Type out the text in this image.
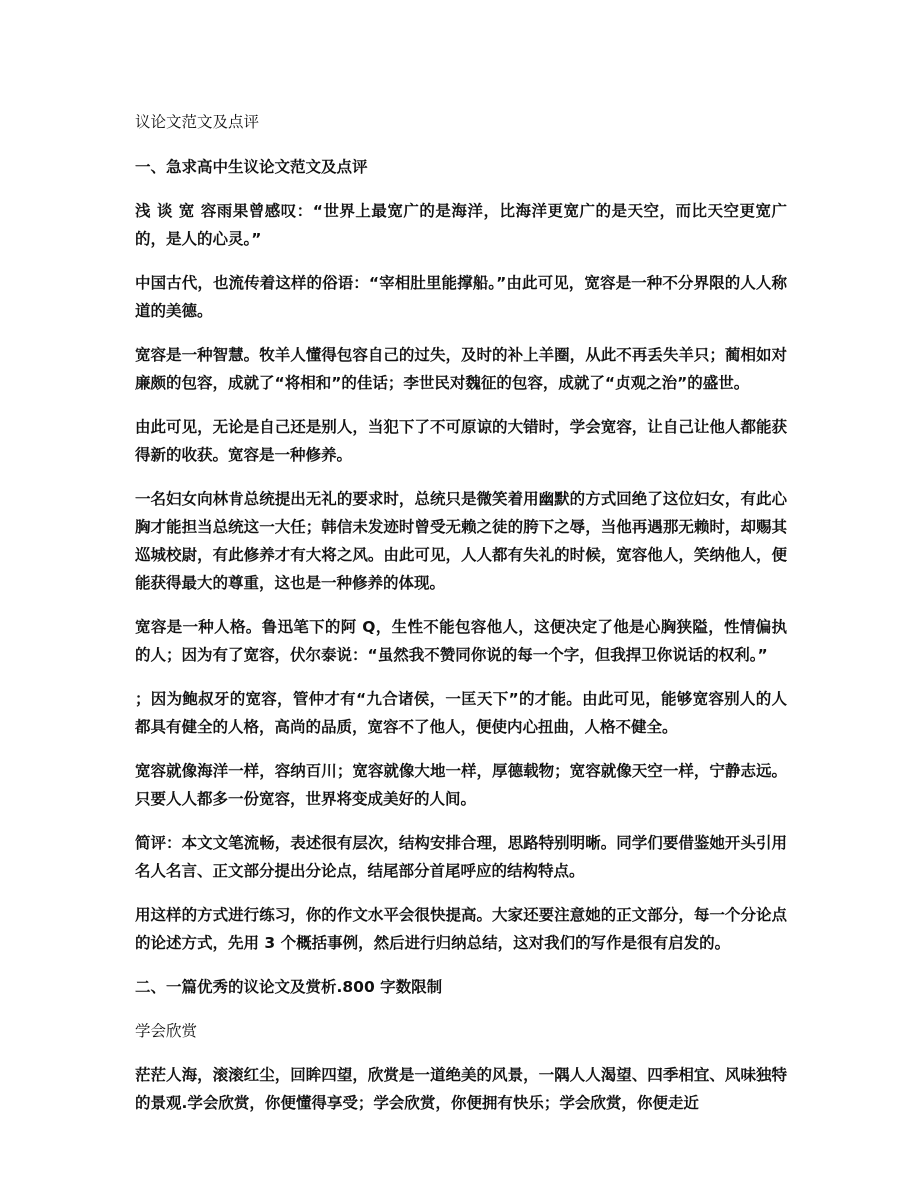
议论文范文及点评

一、急求高中生议论文范文及点评

浅 谈 宽 容雨果曾感叹：“世界上最宽广的是海洋，比海洋更宽广的是天空，而比天空更宽广的，是人的心灵。”

中国古代，也流传着这样的俗语：“宰相肚里能撑船。”由此可见，宽容是一种不分界限的人人称道的美德。

宽容是一种智慧。牧羊人懂得包容自己的过失，及时的补上羊圈，从此不再丢失羊只；蔺相如对廉颇的包容，成就了“将相和”的佳话；李世民对魏征的包容，成就了“贞观之治”的盛世。

由此可见，无论是自己还是别人，当犯下了不可原谅的大错时，学会宽容，让自己让他人都能获得新的收获。宽容是一种修养。

一名妇女向林肯总统提出无礼的要求时，总统只是微笑着用幽默的方式回绝了这位妇女，有此心胸才能担当总统这一大任；韩信未发迹时曾受无赖之徒的胯下之辱，当他再遇那无赖时，却赐其巡城校尉，有此修养才有大将之风。由此可见，人人都有失礼的时候，宽容他人，笑纳他人，便能获得最大的尊重，这也是一种修养的体现。

宽容是一种人格。鲁迅笔下的阿 Q，生性不能包容他人，这便决定了他是心胸狭隘，性情偏执的人；因为有了宽容，伏尔泰说：“虽然我不赞同你说的每一个字，但我捍卫你说话的权利。”

；因为鲍叔牙的宽容，管仲才有“九合诸侯，一匡天下”的才能。由此可见，能够宽容别人的人都具有健全的人格，高尚的品质，宽容不了他人，便使内心扭曲，人格不健全。

宽容就像海洋一样，容纳百川；宽容就像大地一样，厚德载物；宽容就像天空一样，宁静志远。只要人人都多一份宽容，世界将变成美好的人间。

简评：本文文笔流畅，表述很有层次，结构安排合理，思路特别明晰。同学们要借鉴她开头引用名人名言、正文部分提出分论点，结尾部分首尾呼应的结构特点。

用这样的方式进行练习，你的作文水平会很快提高。大家还要注意她的正文部分，每一个分论点的论述方式，先用 3 个概括事例，然后进行归纳总结，这对我们的写作是很有启发的。

二、一篇优秀的议论文及赏析.800 字数限制

学会欣赏

茫茫人海，滚滚红尘，回眸四望，欣赏是一道绝美的风景，一隅人人渴望、四季相宜、风味独特的景观.学会欣赏，你便懂得享受；学会欣赏，你便拥有快乐；学会欣赏，你便走近
